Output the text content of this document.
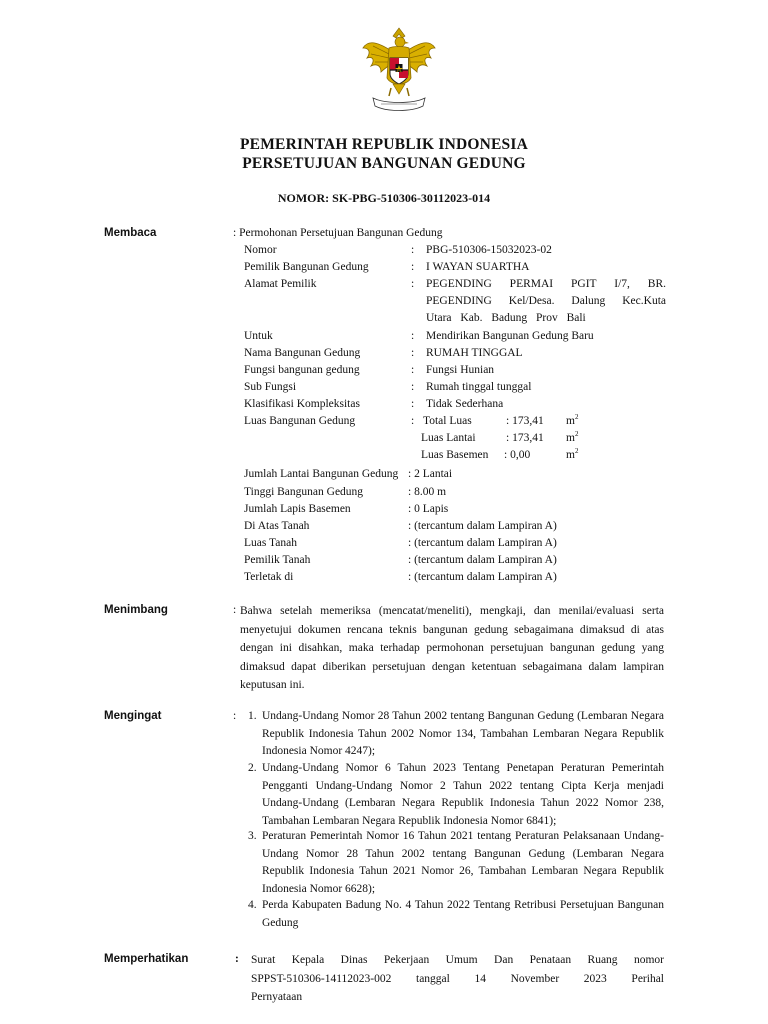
PEMERINTAH REPUBLIK INDONESIA
PERSETUJUAN BANGUNAN GEDUNG
NOMOR: SK-PBG-510306-30112023-014
Membaca	: Permohonan Persetujuan Bangunan Gedung
Nomor	: PBG-510306-15032023-02
Pemilik Bangunan Gedung	: I WAYAN SUARTHA
Alamat Pemilik	: PEGENDING PERMAI PGIT I/7, BR. PEGENDING Kel/Desa. Dalung Kec.Kuta Utara Kab. Badung Prov Bali
Untuk	: Mendirikan Bangunan Gedung Baru
Nama Bangunan Gedung	: RUMAH TINGGAL
Fungsi bangunan gedung	: Fungsi Hunian
Sub Fungsi	: Rumah tinggal tunggal
Klasifikasi Kompleksitas	: Tidak Sederhana
Luas Bangunan Gedung	: Total Luas	: 173,41 $m^2$
Luas Lantai	: 173,41 $m^2$
Luas Basemen : 0,00	$m^2$
Jumlah Lantai Bangunan Gedung : 2 Lantai
Tinggi Bangunan Gedung	: 8.00 m
Jumlah Lapis Basemen	: 0 Lapis
Di Atas Tanah	: (tercantum dalam Lampiran A)
Luas Tanah	: (tercantum dalam Lampiran A)
Pemilik Tanah	: (tercantum dalam Lampiran A)
Terletak di	: (tercantum dalam Lampiran A)
Menimbang	: Bahwa setelah memeriksa (mencatat/meneliti), mengkaji, dan menilai/evaluasi serta menyetujui dokumen rencana teknis bangunan gedung sebagaimana dimaksud di atas dengan ini disahkan, maka terhadap permohonan persetujuan bangunan gedung yang dimaksud dapat diberikan persetujuan dengan ketentuan sebagaimana dalam lampiran keputusan ini.
Mengingat	: 1. Undang-Undang Nomor 28 Tahun 2002 tentang Bangunan Gedung (Lembaran Negara Republik Indonesia Tahun 2002 Nomor 134, Tambahan Lembaran Negara Republik Indonesia Nomor 4247);
2. Undang-Undang Nomor 6 Tahun 2023 Tentang Penetapan Peraturan Pemerintah Pengganti Undang-Undang Nomor 2 Tahun 2022 tentang Cipta Kerja menjadi Undang-Undang (Lembaran Negara Republik Indonesia Tahun 2022 Nomor 238, Tambahan Lembaran Negara Republik Indonesia Nomor 6841);
3. Peraturan Pemerintah Nomor 16 Tahun 2021 tentang Peraturan Pelaksanaan Undang-Undang Nomor 28 Tahun 2002 tentang Bangunan Gedung (Lembaran Negara Republik Indonesia Tahun 2021 Nomor 26, Tambahan Lembaran Negara Republik Indonesia Nomor 6628);
4. Perda Kabupaten Badung No. 4 Tahun 2022 Tentang Retribusi Persetujuan Bangunan Gedung
Memperhatikan	: Surat Kepala Dinas Pekerjaan Umum Dan Penataan Ruang nomor SPPST-510306-14112023-002 tanggal 14 November 2023 Perihal Pernyataan
